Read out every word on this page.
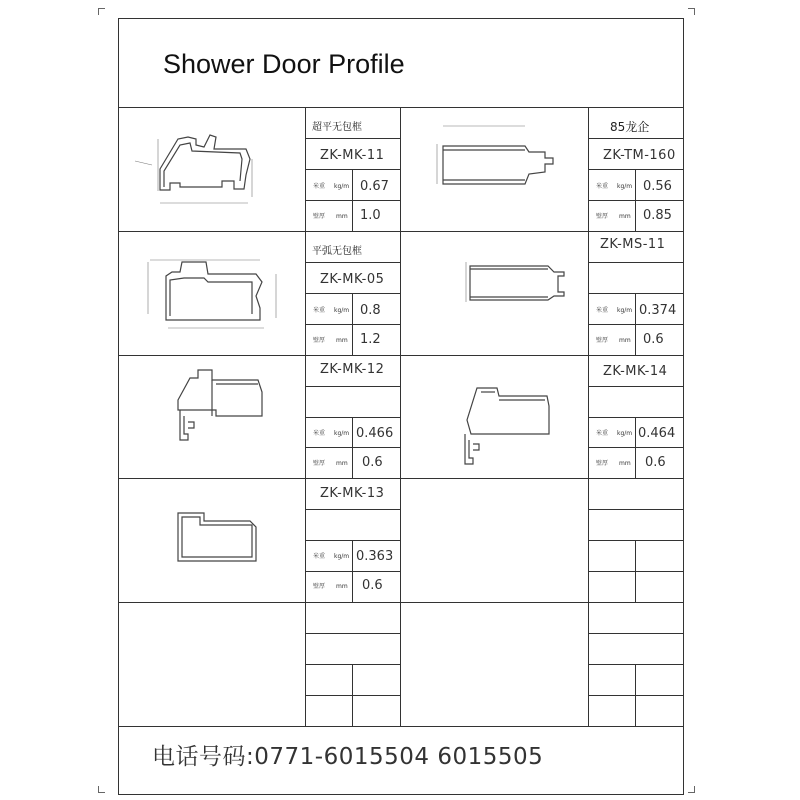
Shower Door Profile
超平无包框
ZK-MK-11
米重 kg/m 0.67
壁厚 mm 1.0
85龙企
ZK-TM-160
米重 kg/m 0.56
壁厚 mm 0.85
平弧无包框
ZK-MK-05
米重 kg/m 0.8
壁厚 mm 1.2
ZK-MS-11
米重 kg/m 0.374
壁厚 mm 0.6
ZK-MK-12
米重 kg/m 0.466
壁厚 mm 0.6
ZK-MK-14
米重 kg/m 0.464
壁厚 mm 0.6
ZK-MK-13
米重 kg/m 0.363
壁厚 mm 0.6
电话号码:0771-6015504 6015505
